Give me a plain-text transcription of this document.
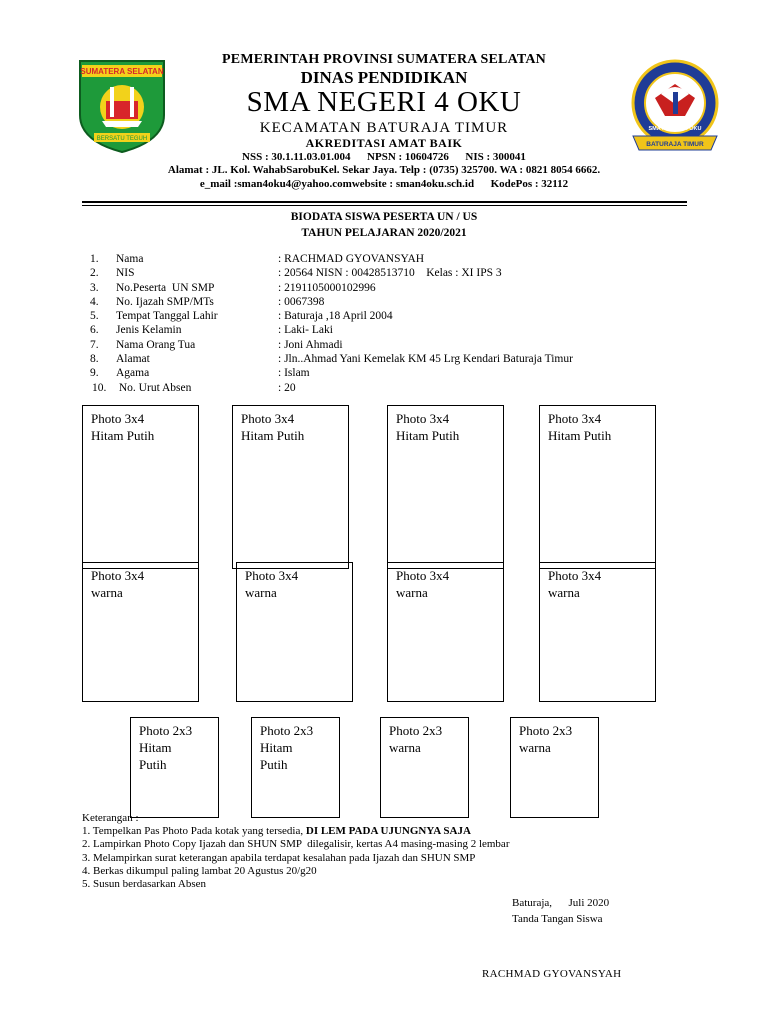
SUMATERA SELATAN
BERSATU TEGUH
SMA NEGERI 4 OKU
BATURAJA TIMUR
PEMERINTAH PROVINSI SUMATERA SELATAN
DINAS PENDIDIKAN
SMA NEGERI 4 OKU
KECAMATAN BATURAJA TIMUR
AKREDITASI AMAT BAIK
NSS : 30.1.11.03.01.004      NPSN : 10604726      NIS : 300041
Alamat : JL. Kol. WahabSarobuKel. Sekar Jaya. Telp : (0735) 325700. WA : 0821 8054 6662.
e_mail :sman4oku4@yahoo.comwebsite : sman4oku.sch.id      KodePos : 32112
BIODATA SISWA PESERTA UN / US
TAHUN PELAJARAN 2020/2021
1. Nama	: RACHMAD GYOVANSYAH
2. NIS	: 20564 NISN : 00428513710    Kelas : XI IPS 3
3. No.Peserta  UN SMP	: 2191105000102996
4. No. Ijazah SMP/MTs	: 0067398
5. Tempat Tanggal Lahir	: Baturaja ,18 April 2004
6. Jenis Kelamin	: Laki- Laki
7. Nama Orang Tua	: Joni Ahmadi
8. Alamat	: Jln..Ahmad Yani Kemelak KM 45 Lrg Kendari Baturaja Timur
9. Agama	: Islam
10. No. Urut Absen	: 20
Photo 3x4
Hitam Putih
Photo 3x4
Hitam Putih
Photo 3x4
Hitam Putih
Photo 3x4
Hitam Putih
Photo 3x4
warna
Photo 3x4
warna
Photo 3x4
warna
Photo 3x4
warna
Photo 2x3
Hitam
Putih
Photo 2x3
Hitam
Putih
Photo 2x3
warna
Photo 2x3
warna
Keterangan :
1. Tempelkan Pas Photo Pada kotak yang tersedia, DI LEM PADA UJUNGNYA SAJA
2. Lampirkan Photo Copy Ijazah dan SHUN SMP  dilegalisir, kertas A4 masing-masing 2 lembar
3. Melampirkan surat keterangan apabila terdapat kesalahan pada Ijazah dan SHUN SMP
4. Berkas dikumpul paling lambat 20 Agustus 20/g20
5. Susun berdasarkan Absen
Baturaja,      Juli 2020
Tanda Tangan Siswa
RACHMAD GYOVANSYAH
